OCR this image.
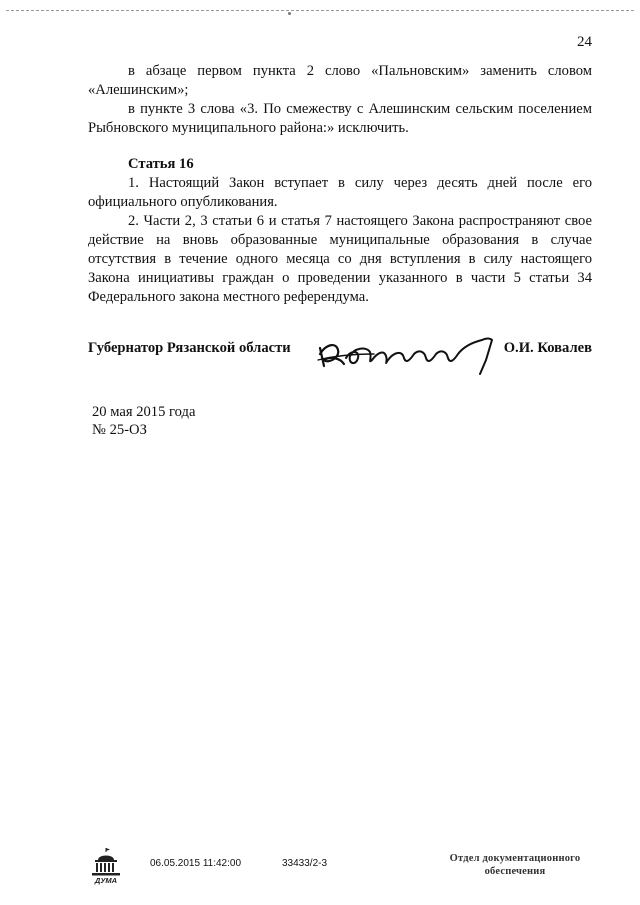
24

в абзаце первом пункта 2 слово «Пальновским» заменить словом «Алешинским»;

в пункте 3 слова «3. По смежеству с Алешинским сельским поселением Рыбновского муниципального района:» исключить.

Статья 16

1. Настоящий Закон вступает в силу через десять дней после его официального опубликования.

2. Части 2, 3 статьи 6 и статья 7 настоящего Закона распространяют свое действие на вновь образованные муниципальные образования в случае отсутствия в течение одного месяца со дня вступления в силу настоящего Закона инициативы граждан о проведении указанного в части 5 статьи 34 Федерального закона местного референдума.

Губернатор Рязанской области	О.И. Ковалев
20 мая 2015 года
№ 25-ОЗ
ДУМА
06.05.2015 11:42:00	33433/2-3	Отдел документационного
обеспечения
